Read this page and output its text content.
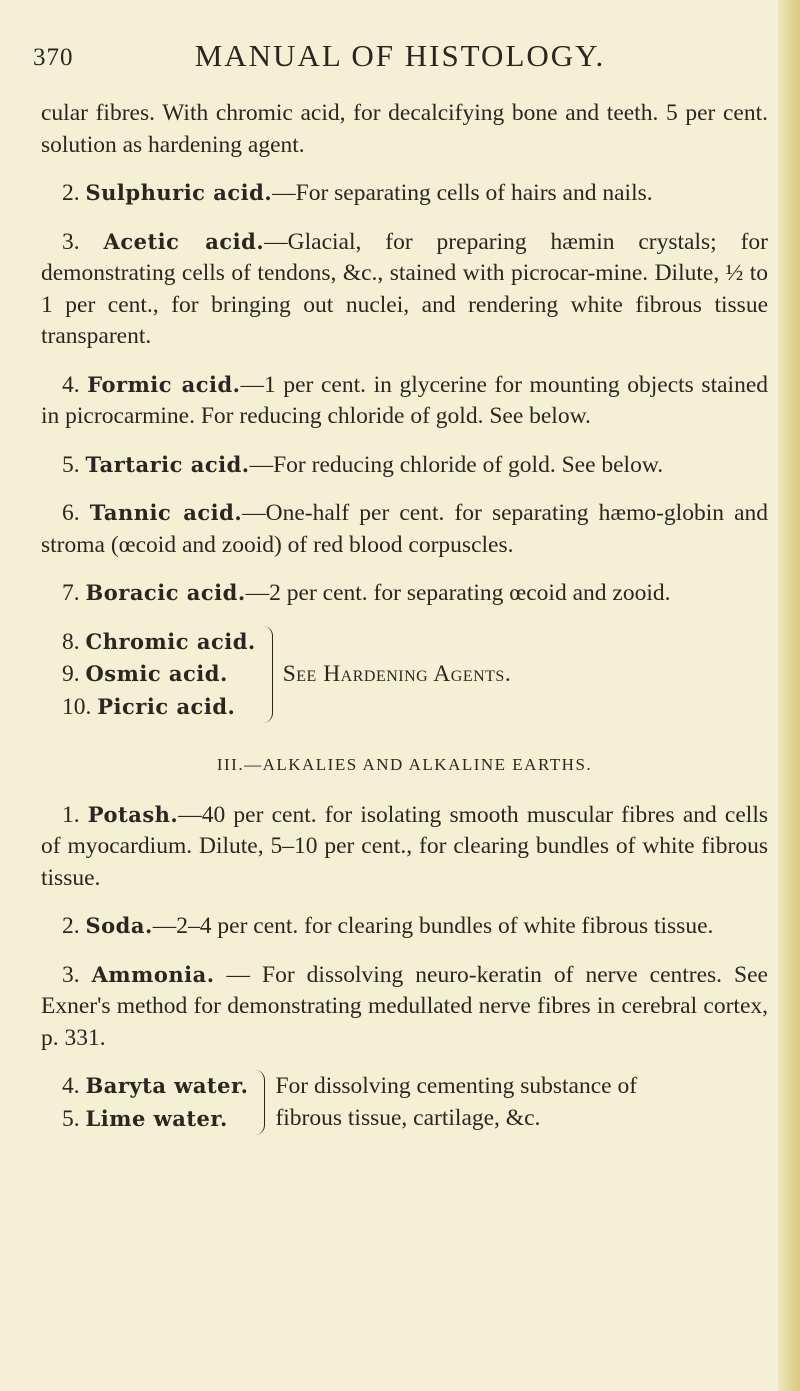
370	MANUAL OF HISTOLOGY.

cular fibres. With chromic acid, for decalcifying bone and teeth. 5 per cent. solution as hardening agent.

2. Sulphuric acid.—For separating cells of hairs and nails.

3. Acetic acid.—Glacial, for preparing hæmin crystals; for demonstrating cells of tendons, &c., stained with picrocar-mine. Dilute, ½ to 1 per cent., for bringing out nuclei, and rendering white fibrous tissue transparent.

4. Formic acid.—1 per cent. in glycerine for mounting objects stained in picrocarmine. For reducing chloride of gold. See below.

5. Tartaric acid.—For reducing chloride of gold. See below.

6. Tannic acid.—One-half per cent. for separating hæmo-globin and stroma (œcoid and zooid) of red blood corpuscles.

7. Boracic acid.—2 per cent. for separating œcoid and zooid.

8. Chromic acid.
9. Osmic acid.
10. Picric acid.
See Hardening Agents.
III.—ALKALIES AND ALKALINE EARTHS.

1. Potash.—40 per cent. for isolating smooth muscular fibres and cells of myocardium. Dilute, 5–10 per cent., for clearing bundles of white fibrous tissue.

2. Soda.—2–4 per cent. for clearing bundles of white fibrous tissue.

3. Ammonia. — For dissolving neuro-keratin of nerve centres. See Exner's method for demonstrating medullated nerve fibres in cerebral cortex, p. 331.

4. Baryta water.
5. Lime water.
For dissolving cementing substance of
fibrous tissue, cartilage, &c.
